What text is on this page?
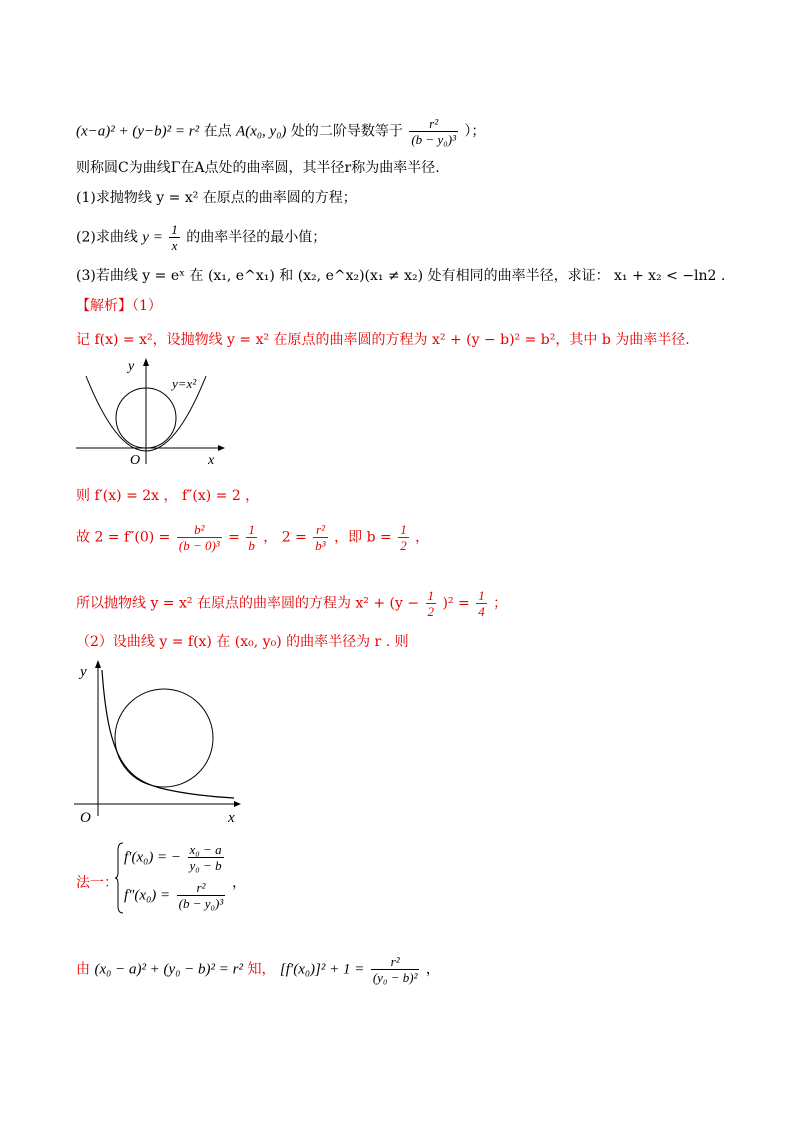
(x−a)² + (y−b)² = r² 在点 A(x₀, y₀) 处的二阶导数等于 $\frac{\text{r²}}{\text{(b − y₀)³}}$ ）；
则称圆C为曲线Γ在A点处的曲率圆，其半径r称为曲率半径.
(1)求抛物线 y = x² 在原点的曲率圆的方程；
(2)求曲线 $y = \frac{1}{x}$ 的曲率半径的最小值；
(3)若曲线 y = eˣ 在 (x₁, e^x₁) 和 (x₂, e^x₂)(x₁ ≠ x₂) 处有相同的曲率半径，求证： x₁ + x₂ < −ln2 .
【解析】（1）
记 f(x) = x²，设抛物线 y = x² 在原点的曲率圆的方程为 x² + (y − b)² = b²，其中 b 为曲率半径.
y
x
O
y=x²
则 f′(x) = 2x ， f″(x) = 2 ，
故 $2 = f''(0) = \frac{\text{b²}}{\text{(b − 0)³}} = \frac{1}{b}$ ， $2 = \frac{\text{r²}}{\text{b³}}$ ，即 $b = \frac{1}{2}$ ，
所以抛物线 y = x² 在原点的曲率圆的方程为 $x^2 + (y - \frac{1}{2} )^2 = \frac{1}{4}$ ；
（2）设曲线 y = f(x) 在 (x₀, y₀) 的曲率半径为 r . 则
y
x
O
法一：
f′(x₀) = − $\frac{\text{x₀ − a}}{\text{y₀ − b}}$
$f''(x_0) = \frac{\text{r²}}{\text{(b − y₀)³}}$ ，
由 (x₀ − a)² + (y₀ − b)² = r² 知， $[f'(x_0)]^2 + 1 = \frac{\text{r²}}{\text{(y₀ − b)²}}$ ，
